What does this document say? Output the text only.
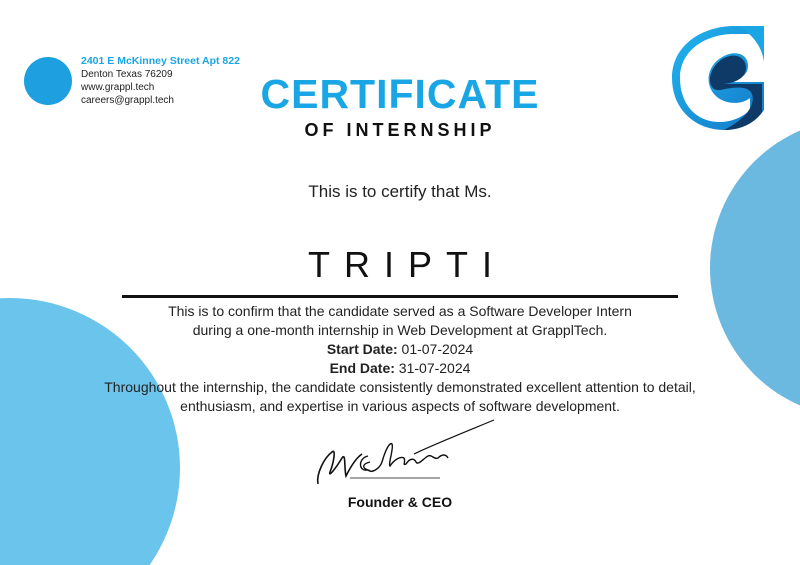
2401 E McKinney Street Apt 822
Denton Texas 76209
www.grappl.tech
careers@grappl.tech	CERTIFICATE
OF INTERNSHIP
This is to certify that Ms.
TRIPTI

This is to confirm that the candidate served as a Software Developer Intern

during a one-month internship in Web Development at GrapplTech.

Start Date: 01-07-2024

End Date: 31-07-2024

Throughout the internship, the candidate consistently demonstrated excellent attention to detail, enthusiasm, and expertise in various aspects of software development.

Founder & CEO
